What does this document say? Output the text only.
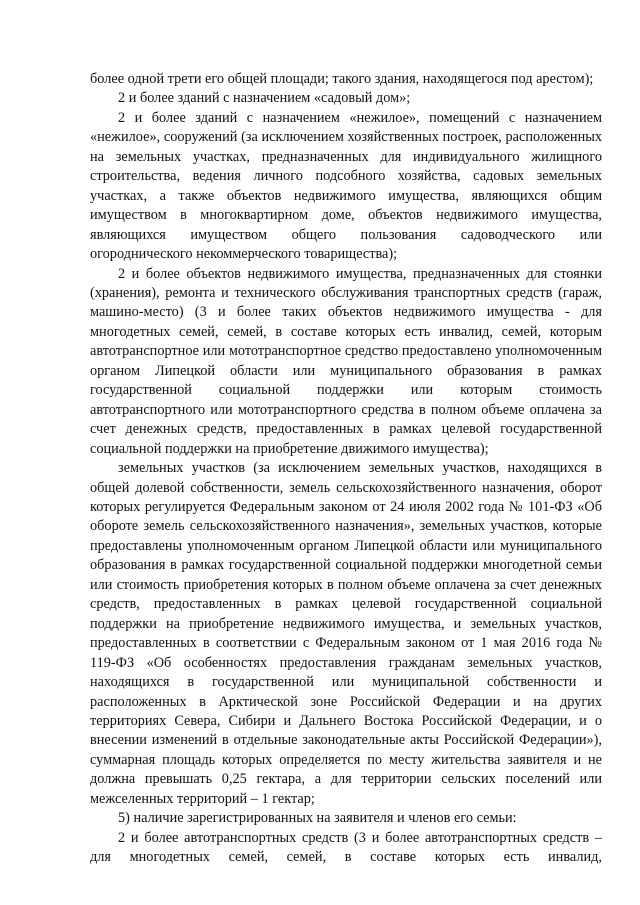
более одной трети его общей площади; такого здания, находящегося под арестом);

2 и более зданий с назначением «садовый дом»;

2 и более зданий с назначением «нежилое», помещений с назначением «нежилое», сооружений (за исключением хозяйственных построек, расположенных на земельных участках, предназначенных для индивидуального жилищного строительства, ведения личного подсобного хозяйства, садовых земельных участках, а также объектов недвижимого имущества, являющихся общим имуществом в многоквартирном доме, объектов недвижимого имущества, являющихся имуществом общего пользования садоводческого или огороднического некоммерческого товарищества);

2 и более объектов недвижимого имущества, предназначенных для стоянки (хранения), ремонта и технического обслуживания транспортных средств (гараж, машино-место) (3 и более таких объектов недвижимого имущества - для многодетных семей, семей, в составе которых есть инвалид, семей, которым автотранспортное или мототранспортное средство предоставлено уполномоченным органом Липецкой области или муниципального образования в рамках государственной социальной поддержки или которым стоимость автотранспортного или мототранспортного средства в полном объеме оплачена за счет денежных средств, предоставленных в рамках целевой государственной социальной поддержки на приобретение движимого имущества);

земельных участков (за исключением земельных участков, находящихся в общей долевой собственности, земель сельскохозяйственного назначения, оборот которых регулируется Федеральным законом от 24 июля 2002 года № 101-ФЗ «Об обороте земель сельскохозяйственного назначения», земельных участков, которые предоставлены уполномоченным органом Липецкой области или муниципального образования в рамках государственной социальной поддержки многодетной семьи или стоимость приобретения которых в полном объеме оплачена за счет денежных средств, предоставленных в рамках целевой государственной социальной поддержки на приобретение недвижимого имущества, и земельных участков, предоставленных в соответствии с Федеральным законом от 1 мая 2016 года № 119-ФЗ «Об особенностях предоставления гражданам земельных участков, находящихся в государственной или муниципальной собственности и расположенных в Арктической зоне Российской Федерации и на других территориях Севера, Сибири и Дальнего Востока Российской Федерации, и о внесении изменений в отдельные законодательные акты Российской Федерации»), суммарная площадь которых определяется по месту жительства заявителя и не должна превышать 0,25 гектара, а для территории сельских поселений или межселенных территорий – 1 гектар;

5) наличие зарегистрированных на заявителя и членов его семьи:

2 и более автотранспортных средств (3 и более автотранспортных средств – для многодетных семей, семей, в составе которых есть инвалид,
